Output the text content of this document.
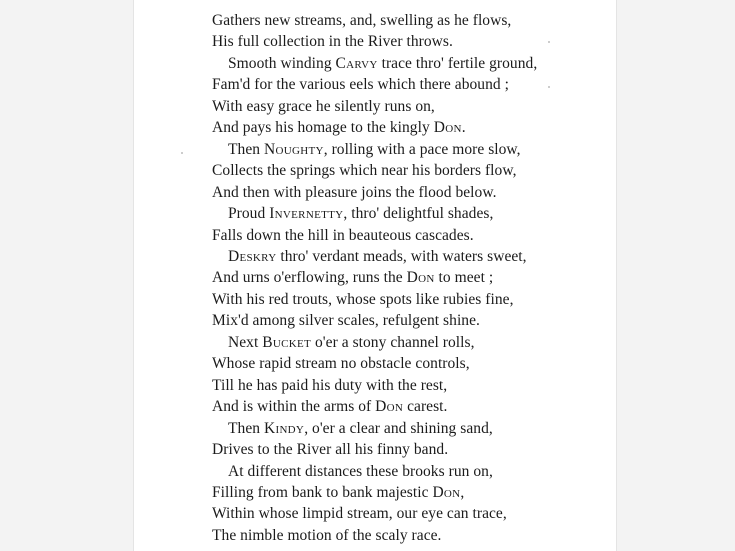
Gathers new streams, and, swelling as he flows,
His full collection in the River throws.
Smooth winding Carvy trace thro' fertile ground,
Fam'd for the various eels which there abound ;
With easy grace he silently runs on,
And pays his homage to the kingly Don.
Then Noughty, rolling with a pace more slow,
Collects the springs which near his borders flow,
And then with pleasure joins the flood below.
Proud Invernetty, thro' delightful shades,
Falls down the hill in beauteous cascades.
Deskry thro' verdant meads, with waters sweet,
And urns o'erflowing, runs the Don to meet ;
With his red trouts, whose spots like rubies fine,
Mix'd among silver scales, refulgent shine.
Next Bucket o'er a stony channel rolls,
Whose rapid stream no obstacle controls,
Till he has paid his duty with the rest,
And is within the arms of Don carest.
Then Kindy, o'er a clear and shining sand,
Drives to the River all his finny band.
At different distances these brooks run on,
Filling from bank to bank majestic Don,
Within whose limpid stream, our eye can trace,
The nimble motion of the scaly race.
